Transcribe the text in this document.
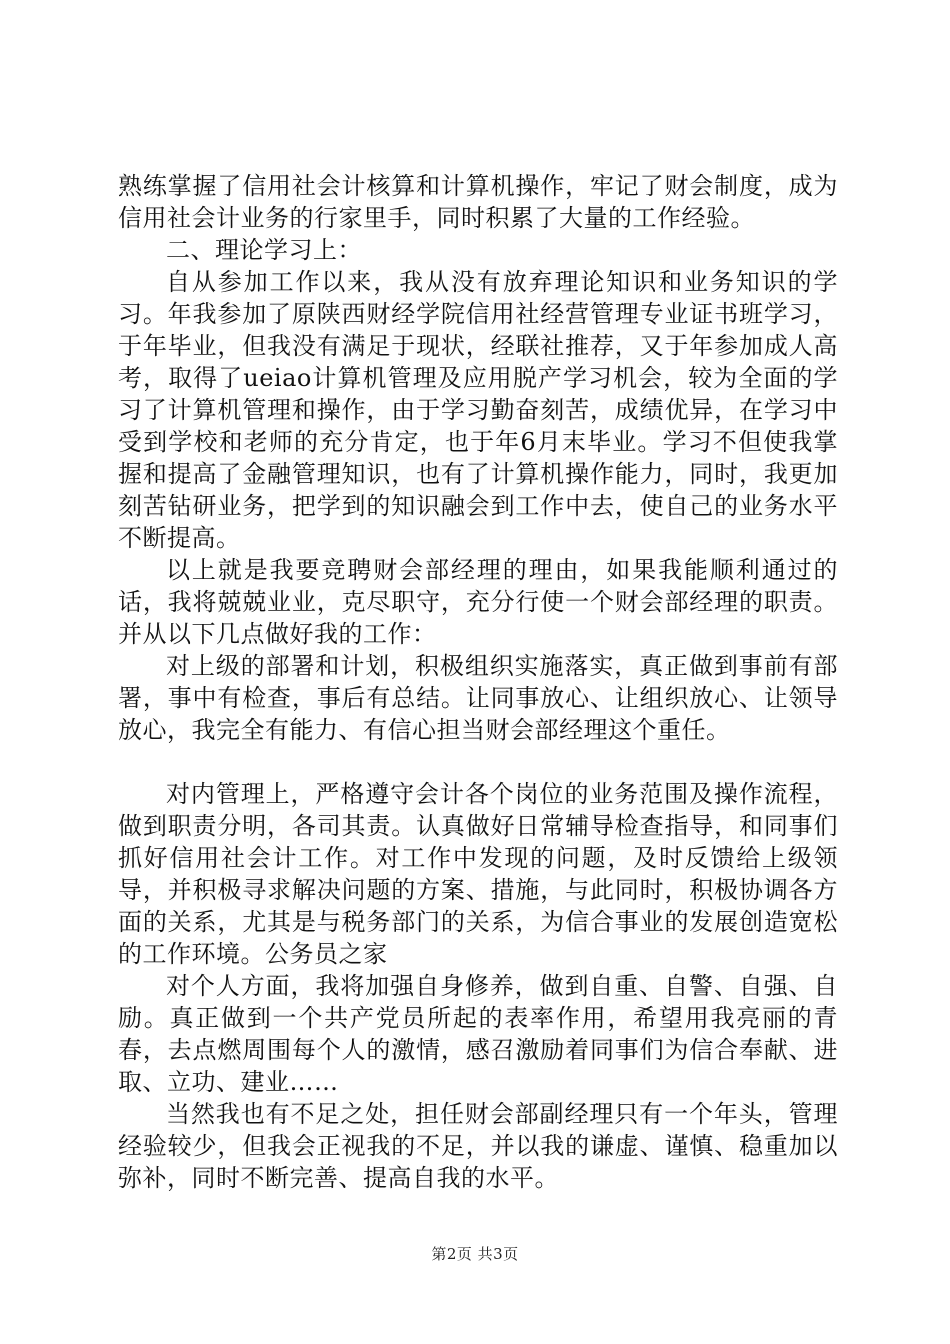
熟练掌握了信用社会计核算和计算机操作，牢记了财会制度，成为信用社会计业务的行家里手，同时积累了大量的工作经验。

二、理论学习上：

自从参加工作以来，我从没有放弃理论知识和业务知识的学习。年我参加了原陕西财经学院信用社经营管理专业证书班学习，于年毕业，但我没有满足于现状，经联社推荐，又于年参加成人高考，取得了ueiao计算机管理及应用脱产学习机会，较为全面的学习了计算机管理和操作，由于学习勤奋刻苦，成绩优异，在学习中受到学校和老师的充分肯定，也于年6月末毕业。学习不但使我掌握和提高了金融管理知识，也有了计算机操作能力，同时，我更加刻苦钻研业务，把学到的知识融会到工作中去，使自己的业务水平不断提高。

以上就是我要竞聘财会部经理的理由，如果我能顺利通过的话，我将兢兢业业，克尽职守，充分行使一个财会部经理的职责。并从以下几点做好我的工作：

对上级的部署和计划，积极组织实施落实，真正做到事前有部署，事中有检查，事后有总结。让同事放心、让组织放心、让领导放心，我完全有能力、有信心担当财会部经理这个重任。

对内管理上，严格遵守会计各个岗位的业务范围及操作流程，做到职责分明，各司其责。认真做好日常辅导检查指导，和同事们抓好信用社会计工作。对工作中发现的问题，及时反馈给上级领导，并积极寻求解决问题的方案、措施，与此同时，积极协调各方面的关系，尤其是与税务部门的关系，为信合事业的发展创造宽松的工作环境。公务员之家

对个人方面，我将加强自身修养，做到自重、自警、自强、自励。真正做到一个共产党员所起的表率作用，希望用我亮丽的青春，去点燃周围每个人的激情，感召激励着同事们为信合奉献、进取、立功、建业……

当然我也有不足之处，担任财会部副经理只有一个年头，管理经验较少，但我会正视我的不足，并以我的谦虚、谨慎、稳重加以弥补，同时不断完善、提高自我的水平。

第2页 共3页
